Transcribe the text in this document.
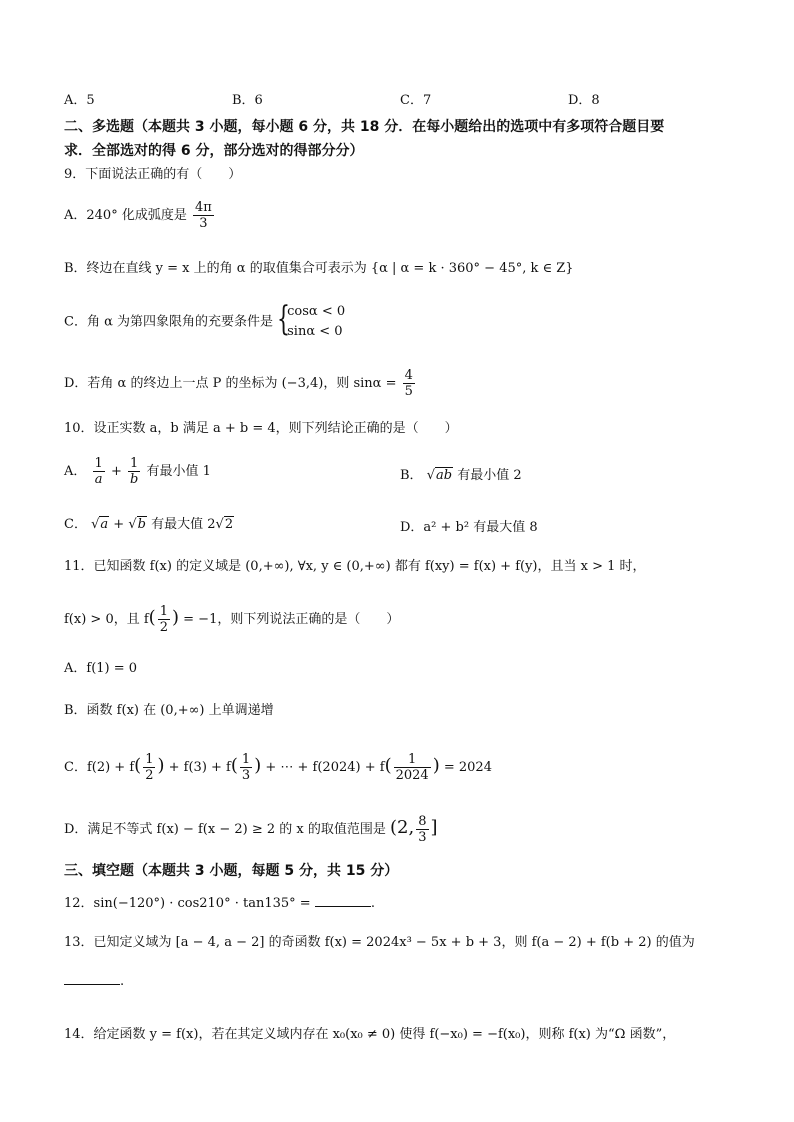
A．5	B．6	C．7	D．8
二、多选题（本题共 3 小题，每小题 6 分，共 18 分．在每小题给出的选项中有多项符合题目要
求．全部选对的得 6 分，部分选对的得部分分）
9．下面说法正确的有（　　）
A．240° 化成弧度是 $\frac{4\pi}{3}$
B．终边在直线 y = x 上的角 α 的取值集合可表示为 {α | α = k · 360° − 45°, k ∈ Z}
C．角 α 为第四象限角的充要条件是 {
cosα < 0
sinα < 0
D．若角 α 的终边上一点 P 的坐标为 (−3,4)，则 $\sin\alpha = \frac{4}{5}$
10．设正实数 a，b 满足 a + b = 4，则下列结论正确的是（　　）
A． $\frac{1}{a} + \frac{1}{b}$ 有最小值 1	B． √ab 有最小值 2
C． √a + √b 有最大值 2√2	D．a² + b² 有最大值 8
11．已知函数 f(x) 的定义域是 (0,+∞), ∀x, y ∈ (0,+∞) 都有 f(xy) = f(x) + f(y)，且当 x > 1 时，
f(x) > 0，且 $f( \frac{1}{2}$ ) = −1，则下列说法正确的是（　　）
A．f(1) = 0
B．函数 f(x) 在 (0,+∞) 上单调递增
C．$f(2) + f( \frac{1}{2}$ ) + $f(3) + f( \frac{1}{3}$ ) + ⋯ + $f(2024) + f( \frac{1}{2024}$ ) = 2024
D．满足不等式 f(x) − f(x − 2) ≥ 2 的 x 的取值范围是 (2, $\frac{8}{3}$ ]
三、填空题（本题共 3 小题，每题 5 分，共 15 分）
12．sin(−120°) · cos210° · tan135° =	.
13．已知定义域为 [a − 4, a − 2] 的奇函数 f(x) = 2024x³ − 5x + b + 3，则 f(a − 2) + f(b + 2) 的值为
.
14．给定函数 y = f(x)，若在其定义域内存在 x₀(x₀ ≠ 0) 使得 f(−x₀) = −f(x₀)，则称 f(x) 为“Ω 函数”，
